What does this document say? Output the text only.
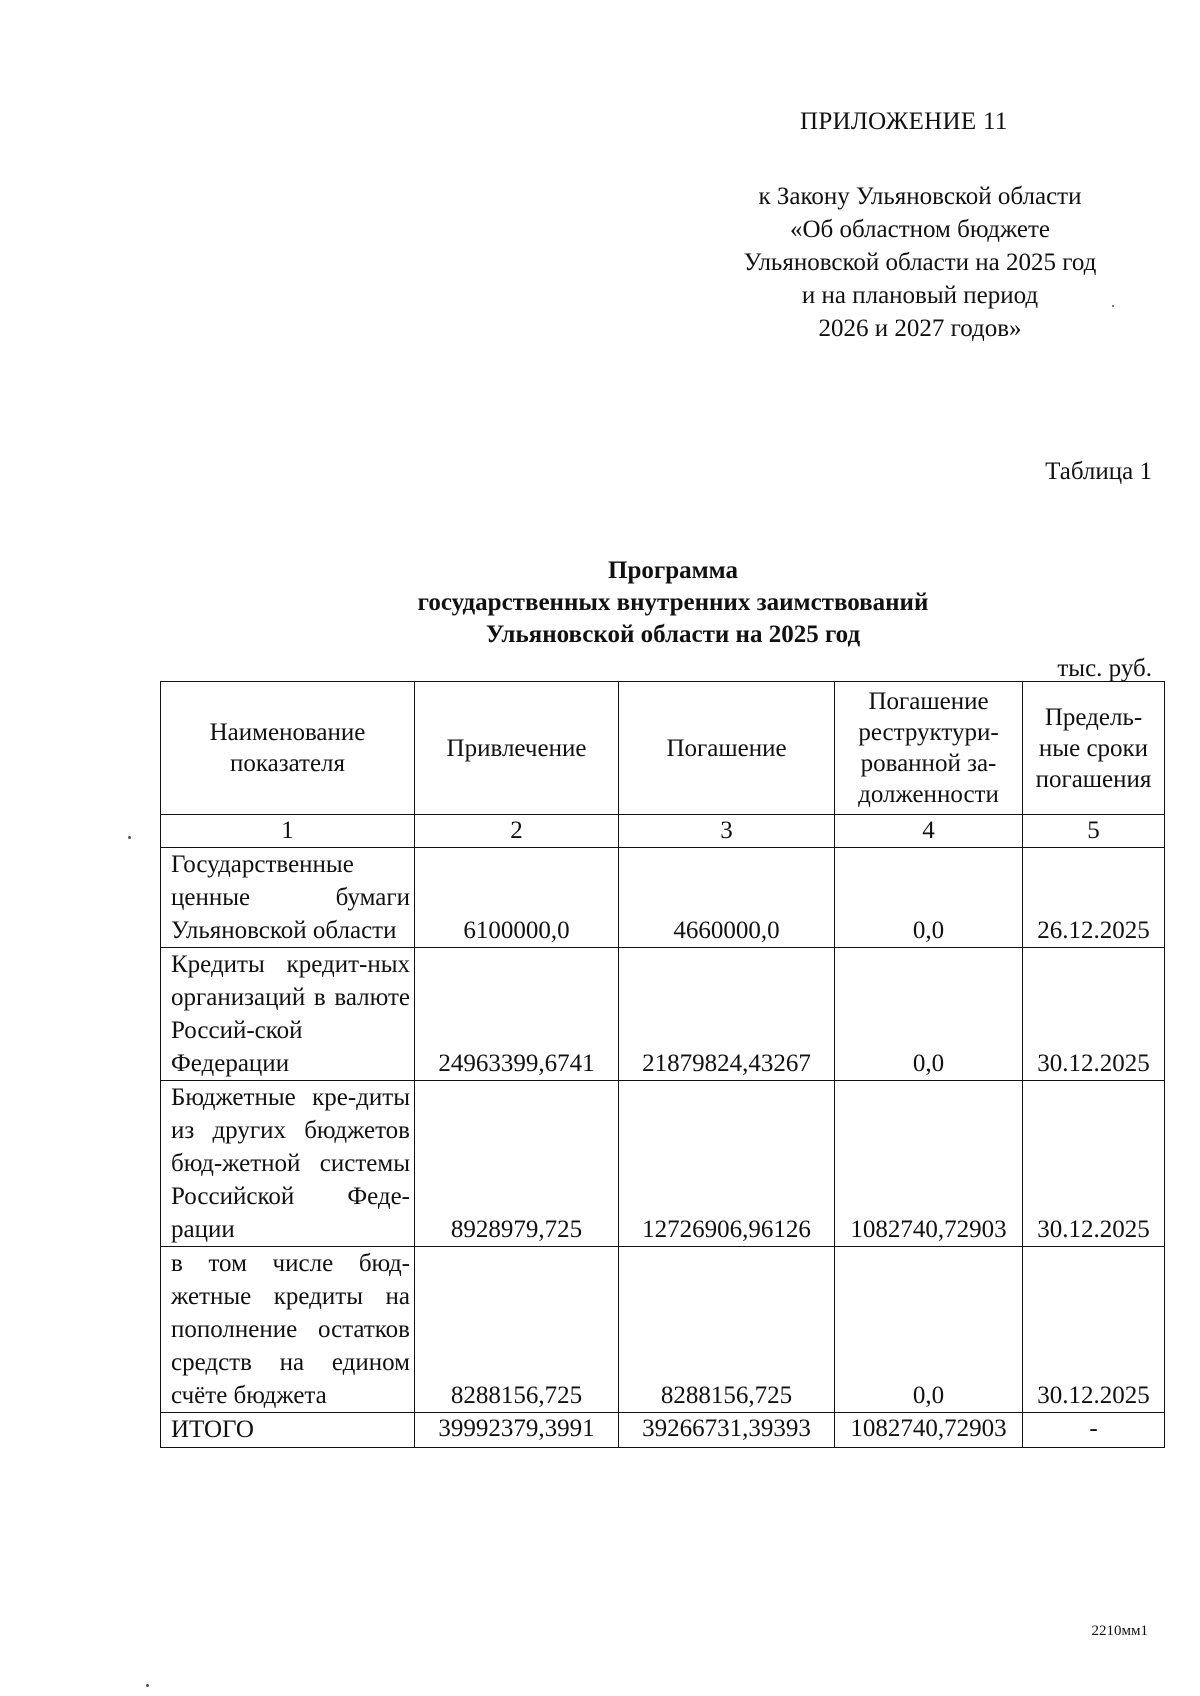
ПРИЛОЖЕНИЕ 11
к Закону Ульяновской области
«Об областном бюджете
Ульяновской области на 2025 год
и на плановый период
2026 и 2027 годов»
Таблица 1
Программа
государственных внутренних заимствований
Ульяновской области на 2025 год
тыс. руб.
Наименование показателя	Привлечение	Погашение	Погашение реструктури-рованной за-долженности	Предель-ные сроки погашения
1	2	3	4	5
Государственные ценные бумаги Ульяновской области	6100000,0	4660000,0	0,0	26.12.2025
Кредиты кредит-ных организаций в валюте Россий-ской Федерации	24963399,6741	21879824,43267	0,0	30.12.2025
Бюджетные кре-диты из других бюджетов бюд-жетной системы Российской Феде-рации	8928979,725	12726906,96126	1082740,72903	30.12.2025
в том числе бюд-жетные кредиты на пополнение остатков средств на едином счёте бюджета	8288156,725	8288156,725	0,0	30.12.2025
ИТОГО	39992379,3991	39266731,39393	1082740,72903	-
2210мм1
